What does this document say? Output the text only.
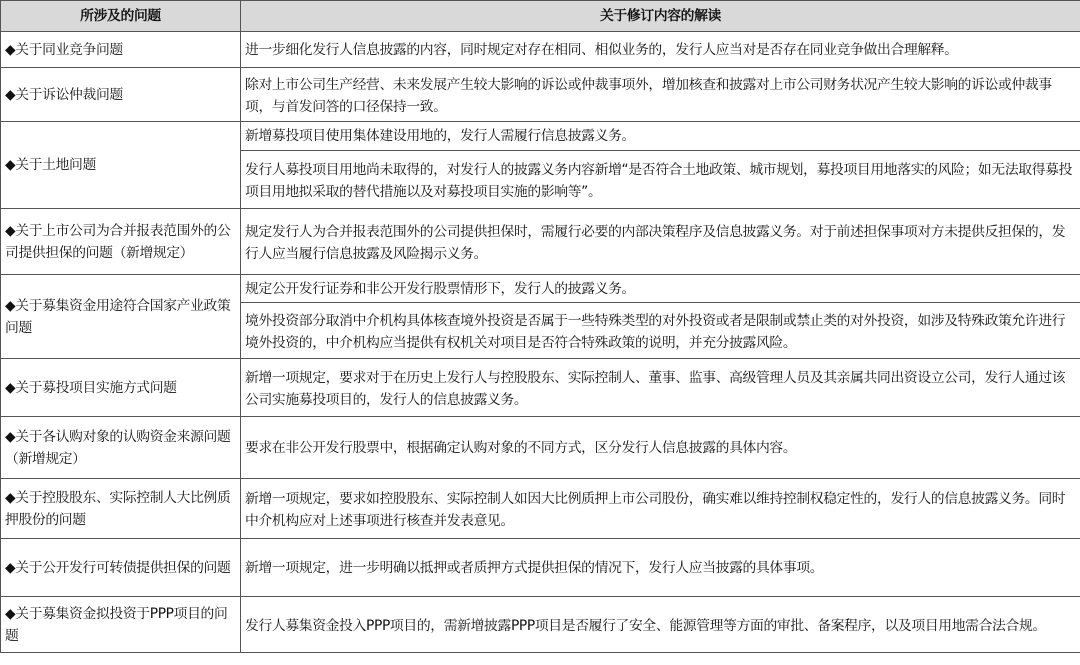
所涉及的问题	关于修订内容的解读
◆关于同业竞争问题	进一步细化发行人信息披露的内容，同时规定对存在相同、相似业务的，发行人应当对是否存在同业竞争做出合理解释。
◆关于诉讼仲裁问题	除对上市公司生产经营、未来发展产生较大影响的诉讼或仲裁事项外，增加核查和披露对上市公司财务状况产生较大影响的诉讼或仲裁事项，与首发问答的口径保持一致。
◆关于土地问题	新增募投项目使用集体建设用地的，发行人需履行信息披露义务。
	发行人募投项目用地尚未取得的，对发行人的披露义务内容新增“是否符合土地政策、城市规划，募投项目用地落实的风险；如无法取得募投项目用地拟采取的替代措施以及对募投项目实施的影响等”。
◆关于上市公司为合并报表范围外的公司提供担保的问题（新增规定）	规定发行人为合并报表范围外的公司提供担保时，需履行必要的内部决策程序及信息披露义务。对于前述担保事项对方未提供反担保的，发行人应当履行信息披露及风险揭示义务。
◆关于募集资金用途符合国家产业政策问题	规定公开发行证券和非公开发行股票情形下，发行人的披露义务。
	境外投资部分取消中介机构具体核查境外投资是否属于一些特殊类型的对外投资或者是限制或禁止类的对外投资，如涉及特殊政策允许进行境外投资的，中介机构应当提供有权机关对项目是否符合特殊政策的说明，并充分披露风险。
◆关于募投项目实施方式问题	新增一项规定，要求对于在历史上发行人与控股股东、实际控制人、董事、监事、高级管理人员及其亲属共同出资设立公司，发行人通过该公司实施募投项目的，发行人的信息披露义务。
◆关于各认购对象的认购资金来源问题（新增规定）	要求在非公开发行股票中，根据确定认购对象的不同方式，区分发行人信息披露的具体内容。
◆关于控股股东、实际控制人大比例质押股份的问题	新增一项规定，要求如控股股东、实际控制人如因大比例质押上市公司股份，确实难以维持控制权稳定性的，发行人的信息披露义务。同时中介机构应对上述事项进行核查并发表意见。
◆关于公开发行可转债提供担保的问题	新增一项规定，进一步明确以抵押或者质押方式提供担保的情况下，发行人应当披露的具体事项。
◆关于募集资金拟投资于PPP项目的问题	发行人募集资金投入PPP项目的，需新增披露PPP项目是否履行了安全、能源管理等方面的审批、备案程序，以及项目用地需合法合规。
